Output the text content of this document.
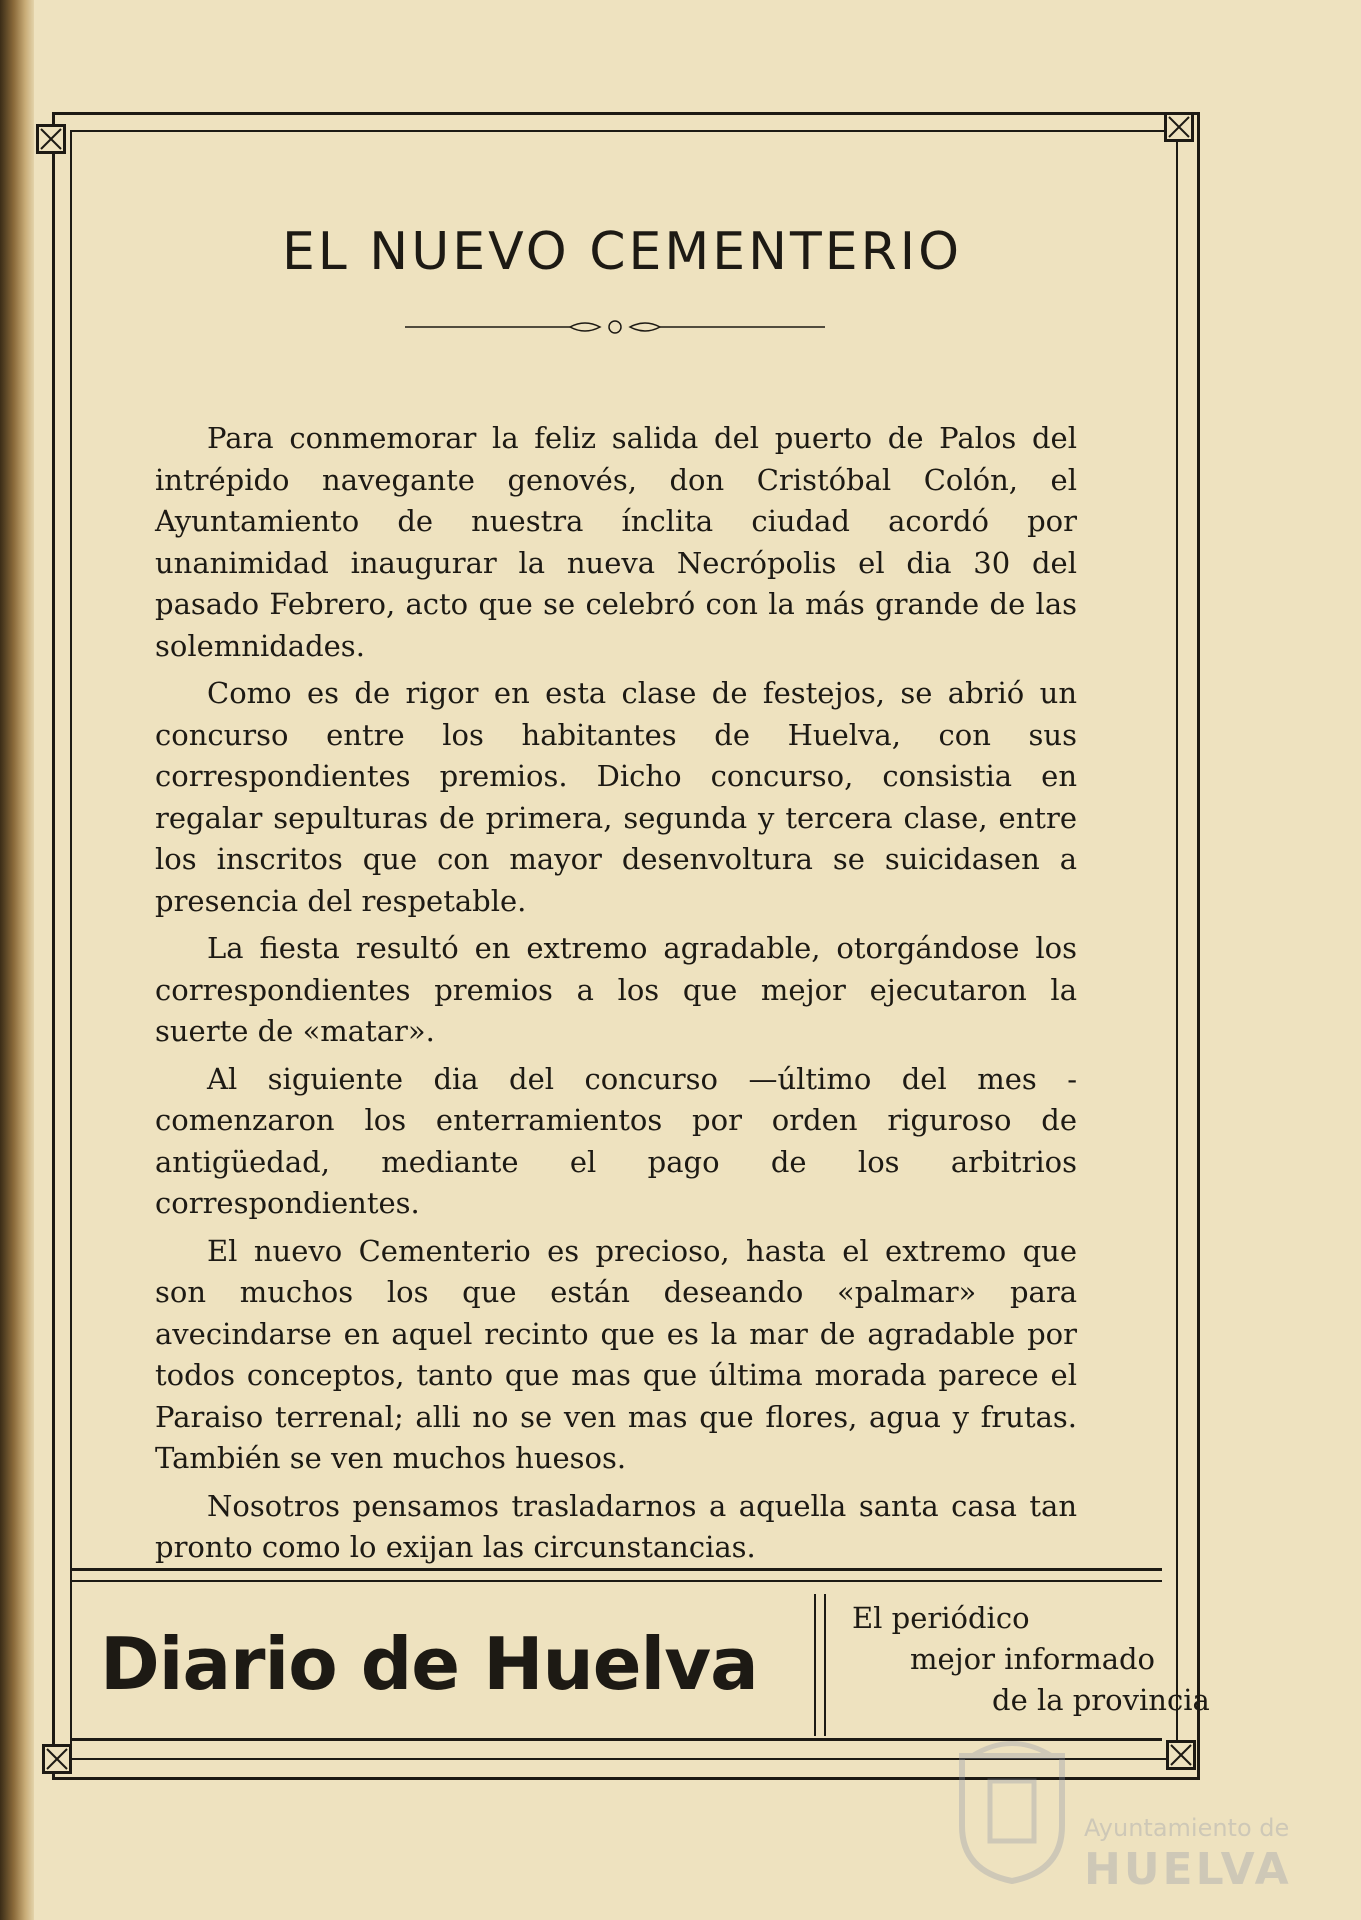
EL NUEVO CEMENTERIO

Para conmemorar la feliz salida del puerto de Palos del intrépido navegante genovés, don Cristóbal Colón, el Ayuntamiento de nuestra ínclita ciudad acordó por unanimidad inaugurar la nueva Necrópolis el dia 30 del pasado Febrero, acto que se celebró con la más grande de las solemnidades.

Como es de rigor en esta clase de festejos, se abrió un concurso entre los habitantes de Huelva, con sus correspondientes premios. Dicho concurso, consistia en regalar sepulturas de primera, segunda y tercera clase, entre los inscritos que con mayor desenvoltura se suicidasen a presencia del respetable.

La fiesta resultó en extremo agradable, otorgándose los correspondientes premios a los que mejor ejecutaron la suerte de «matar».

Al siguiente dia del concurso —último del mes - comenzaron los enterramientos por orden riguroso de antigüedad, mediante el pago de los arbitrios correspondientes.

El nuevo Cementerio es precioso, hasta el extremo que son muchos los que están deseando «palmar» para avecindarse en aquel recinto que es la mar de agradable por todos conceptos, tanto que mas que última morada parece el Paraiso terrenal; alli no se ven mas que flores, agua y frutas. También se ven muchos huesos.

Nosotros pensamos trasladarnos a aquella santa casa tan pronto como lo exijan las circunstancias.

Diario de Huelva
El periódico
mejor informado
de la provincia
Ayuntamiento de
HUELVA
